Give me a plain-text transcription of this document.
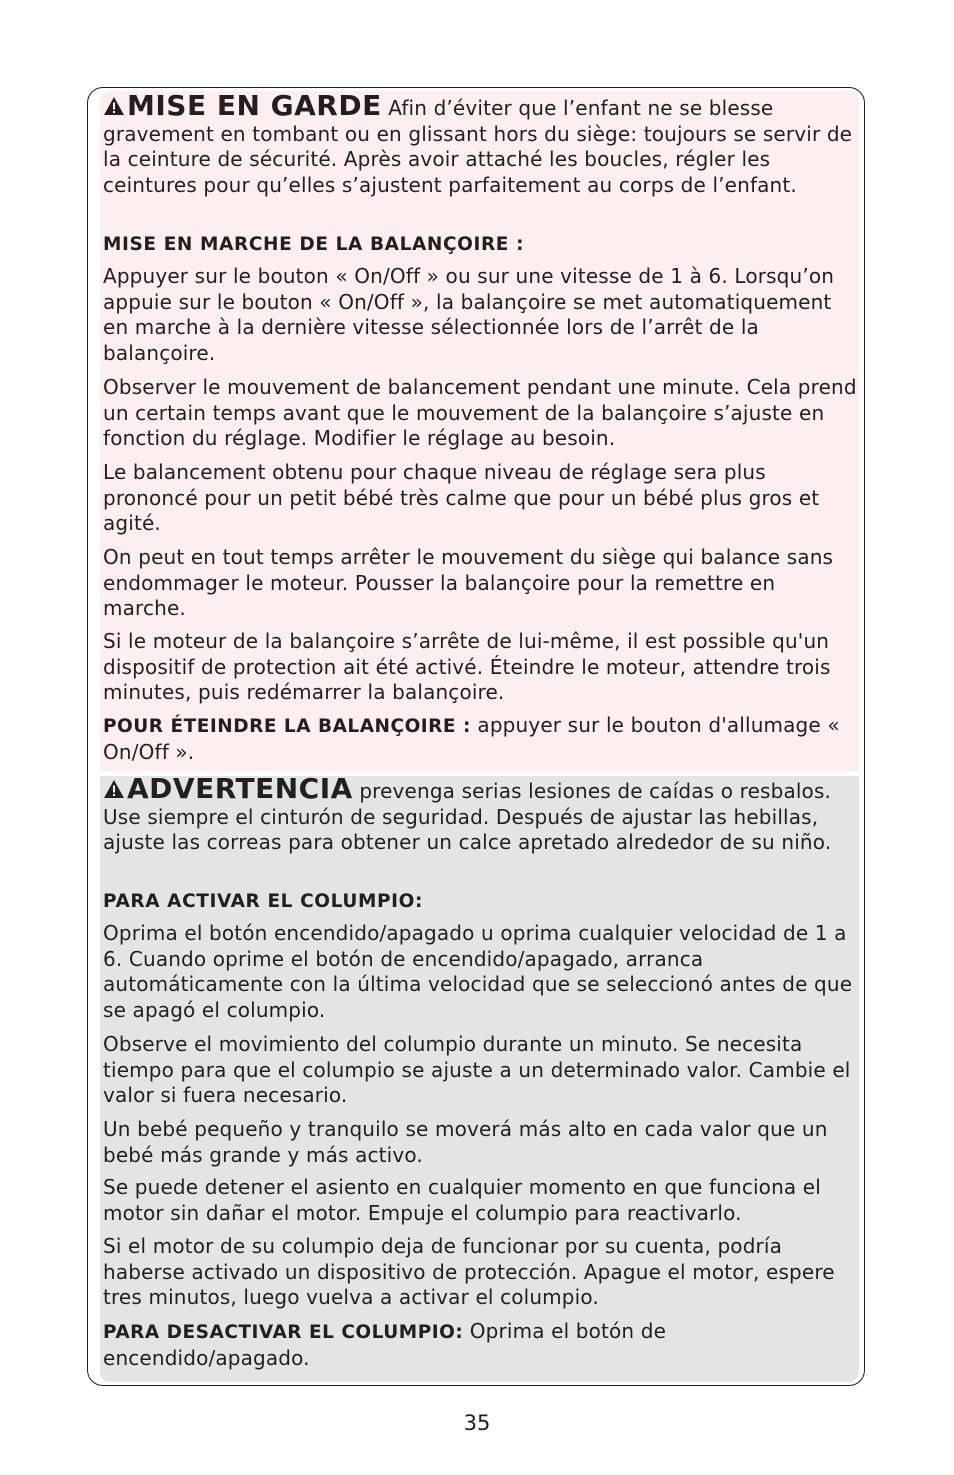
MISE EN GARDE Afin d’éviter que l’enfant ne se blesse gravement en tombant ou en glissant hors du siège: toujours se servir de la ceinture de sécurité. Après avoir attaché les boucles, régler les ceintures pour qu’elles s’ajustent parfaitement au corps de l’enfant.

MISE EN MARCHE DE LA BALANÇOIRE :

Appuyer sur le bouton « On/Off » ou sur une vitesse de 1 à 6. Lorsqu’on appuie sur le bouton « On/Off », la balançoire se met automatiquement en marche à la dernière vitesse sélectionnée lors de l’arrêt de la balançoire.

Observer le mouvement de balancement pendant une minute. Cela prend un certain temps avant que le mouvement de la balançoire s’ajuste en fonction du réglage. Modifier le réglage au besoin.

Le balancement obtenu pour chaque niveau de réglage sera plus prononcé pour un petit bébé très calme que pour un bébé plus gros et agité.

On peut en tout temps arrêter le mouvement du siège qui balance sans endommager le moteur. Pousser la balançoire pour la remettre en marche.

Si le moteur de la balançoire s’arrête de lui-même, il est possible qu'un dispositif de protection ait été activé. Éteindre le moteur, attendre trois minutes, puis redémarrer la balançoire.

POUR ÉTEINDRE LA BALANÇOIRE : appuyer sur le bouton d'allumage « On/Off ».

ADVERTENCIA prevenga serias lesiones de caídas o resbalos. Use siempre el cinturón de seguridad. Después de ajustar las hebillas, ajuste las correas para obtener un calce apretado alrededor de su niño.

PARA ACTIVAR EL COLUMPIO:

Oprima el botón encendido/apagado u oprima cualquier velocidad de 1 a 6. Cuando oprime el botón de encendido/apagado, arranca automáticamente con la última velocidad que se seleccionó antes de que se apagó el columpio.

Observe el movimiento del columpio durante un minuto. Se necesita tiempo para que el columpio se ajuste a un determinado valor. Cambie el valor si fuera necesario.

Un bebé pequeño y tranquilo se moverá más alto en cada valor que un bebé más grande y más activo.

Se puede detener el asiento en cualquier momento en que funciona el motor sin dañar el motor. Empuje el columpio para reactivarlo.

Si el motor de su columpio deja de funcionar por su cuenta, podría haberse activado un dispositivo de protección. Apague el motor, espere tres minutos, luego vuelva a activar el columpio.

PARA DESACTIVAR EL COLUMPIO: Oprima el botón de encendido/apagado.

35
